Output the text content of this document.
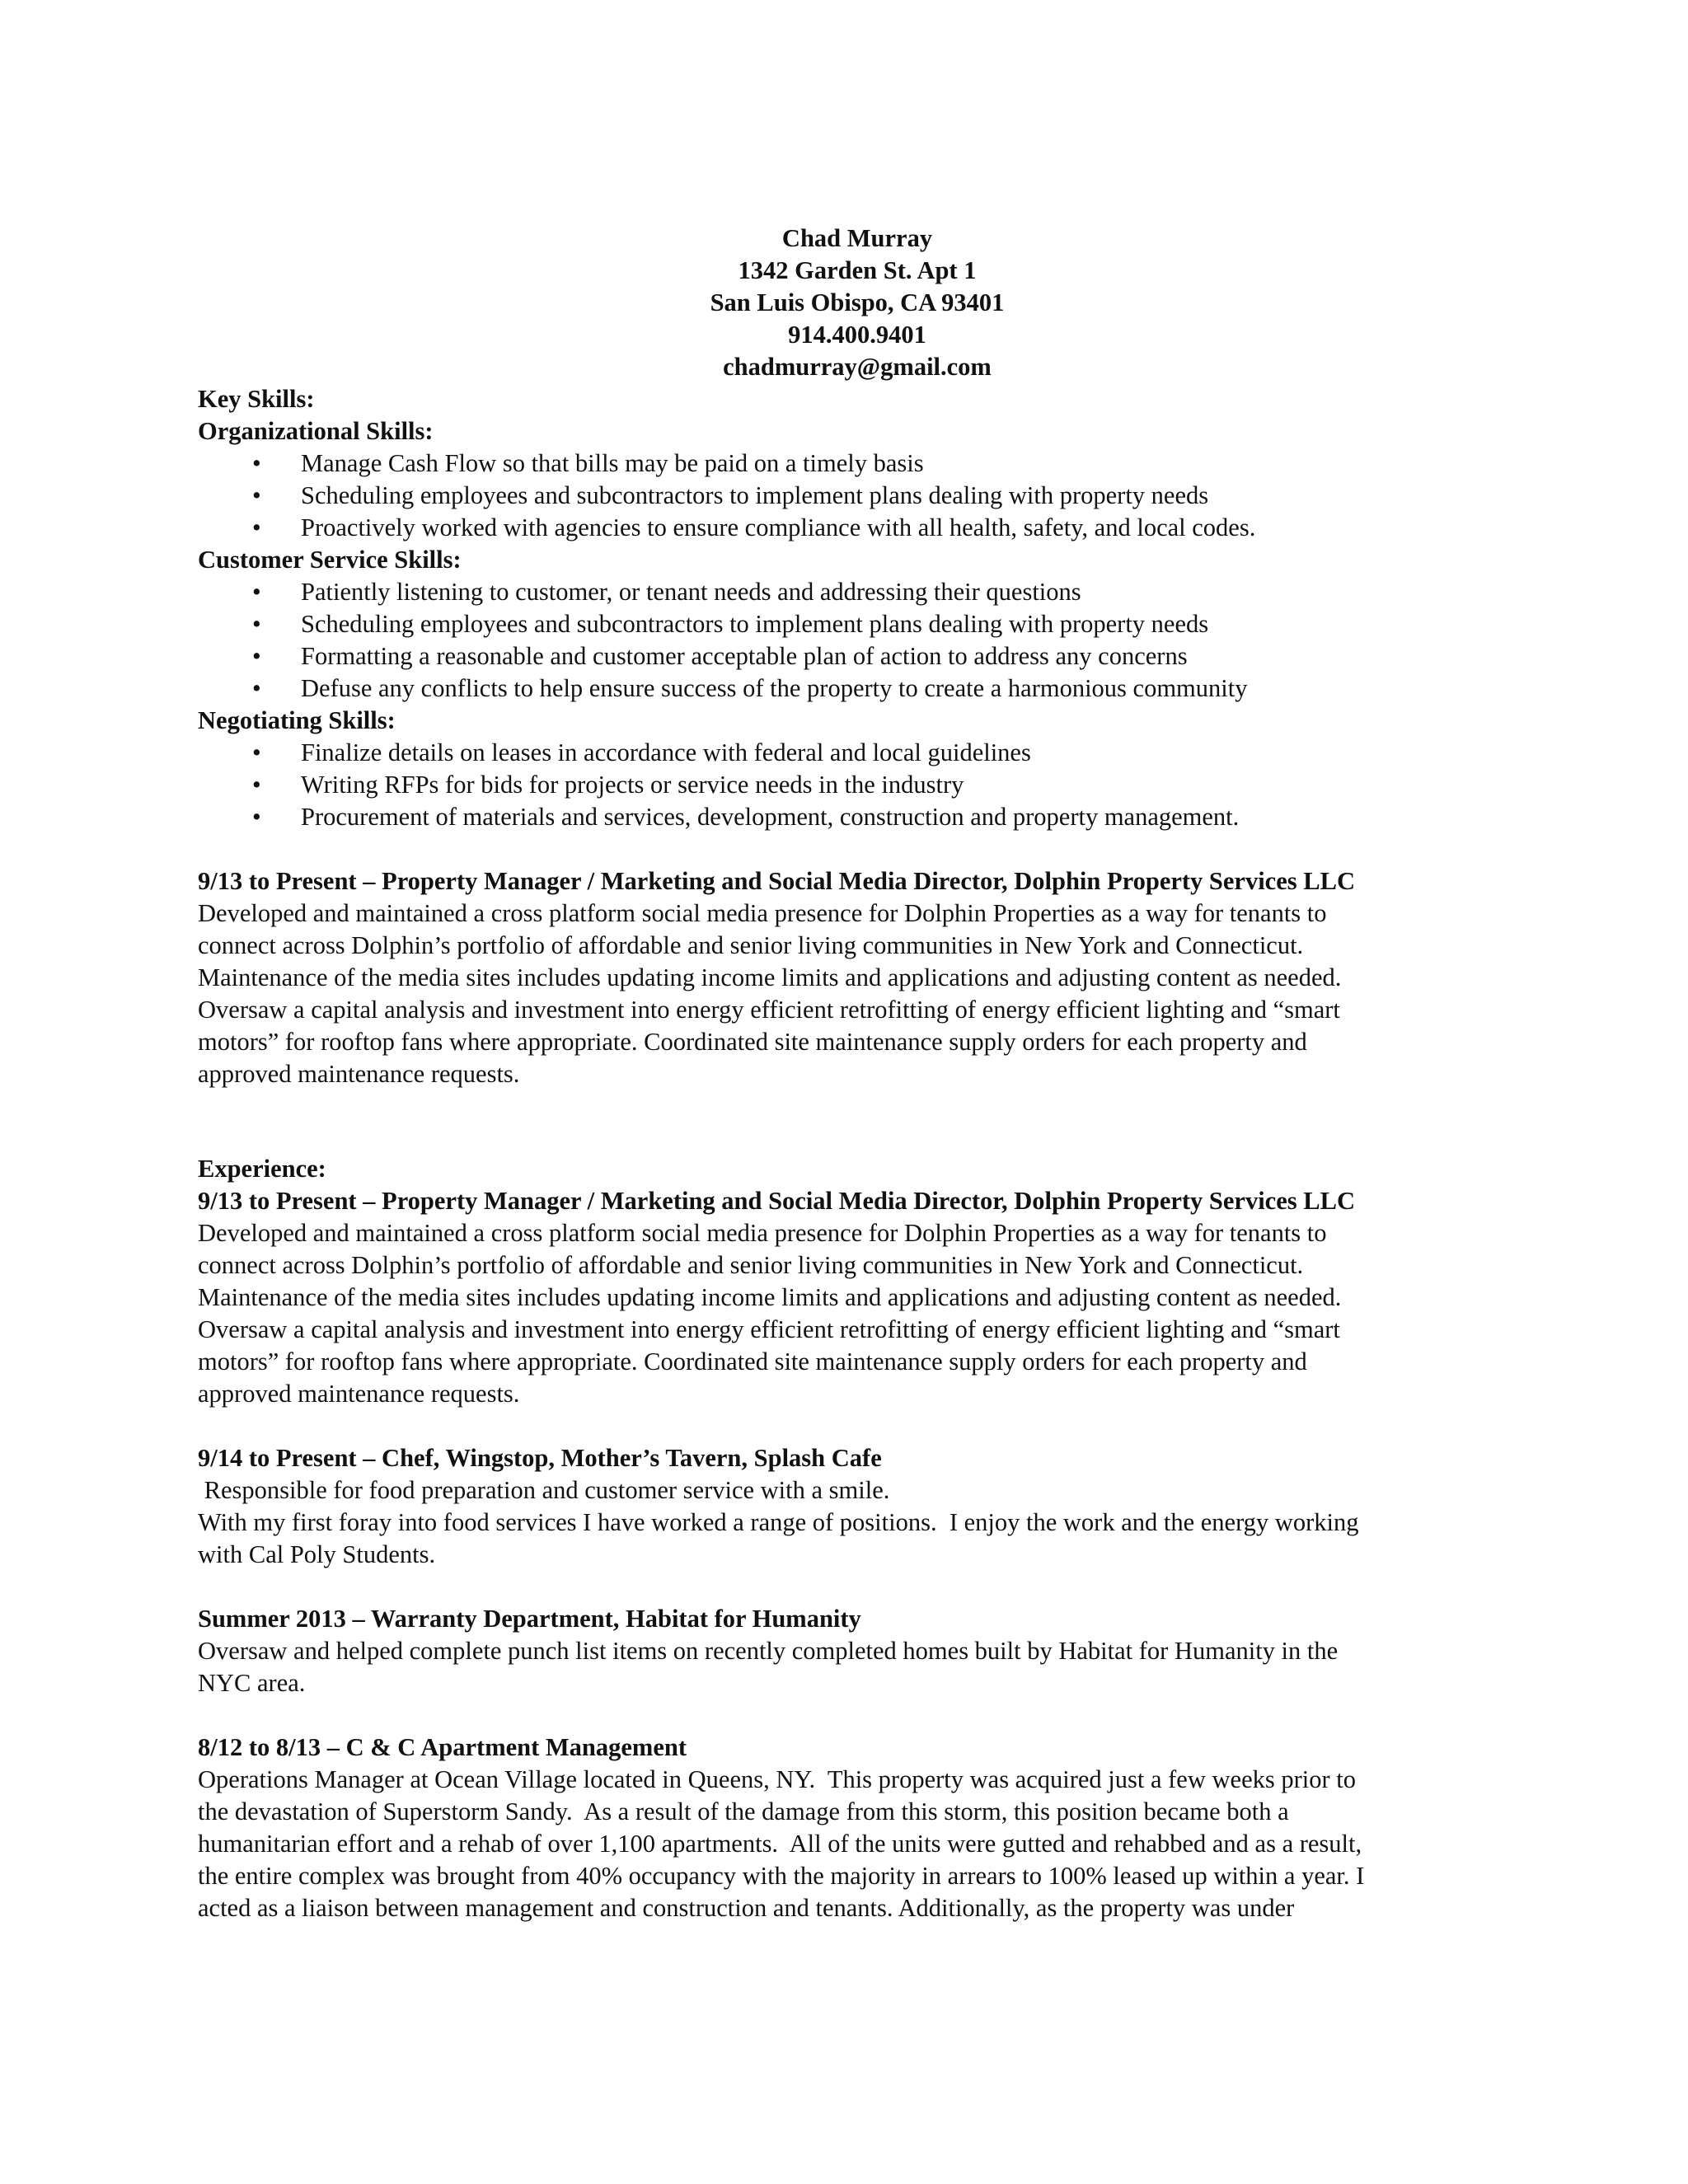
Chad Murray
1342 Garden St. Apt 1
San Luis Obispo, CA 93401
914.400.9401
chadmurray@gmail.com
Key Skills:
Organizational Skills:
• Manage Cash Flow so that bills may be paid on a timely basis
• Scheduling employees and subcontractors to implement plans dealing with property needs
• Proactively worked with agencies to ensure compliance with all health, safety, and local codes.
Customer Service Skills:
• Patiently listening to customer, or tenant needs and addressing their questions
• Scheduling employees and subcontractors to implement plans dealing with property needs
• Formatting a reasonable and customer acceptable plan of action to address any concerns
• Defuse any conflicts to help ensure success of the property to create a harmonious community
Negotiating Skills:
• Finalize details on leases in accordance with federal and local guidelines
• Writing RFPs for bids for projects or service needs in the industry
• Procurement of materials and services, development, construction and property management.
9/13 to Present – Property Manager / Marketing and Social Media Director, Dolphin Property Services LLC

Developed and maintained a cross platform social media presence for Dolphin Properties as a way for tenants to

connect across Dolphin’s portfolio of affordable and senior living communities in New York and Connecticut.

Maintenance of the media sites includes updating income limits and applications and adjusting content as needed.

Oversaw a capital analysis and investment into energy efficient retrofitting of energy efficient lighting and “smart

motors” for rooftop fans where appropriate. Coordinated site maintenance supply orders for each property and

approved maintenance requests.

Experience:
9/13 to Present – Property Manager / Marketing and Social Media Director, Dolphin Property Services LLC

Developed and maintained a cross platform social media presence for Dolphin Properties as a way for tenants to

connect across Dolphin’s portfolio of affordable and senior living communities in New York and Connecticut.

Maintenance of the media sites includes updating income limits and applications and adjusting content as needed.

Oversaw a capital analysis and investment into energy efficient retrofitting of energy efficient lighting and “smart

motors” for rooftop fans where appropriate. Coordinated site maintenance supply orders for each property and

approved maintenance requests.

9/14 to Present – Chef, Wingstop, Mother’s Tavern, Splash Cafe

Responsible for food preparation and customer service with a smile.

With my first foray into food services I have worked a range of positions.  I enjoy the work and the energy working

with Cal Poly Students.

Summer 2013 – Warranty Department, Habitat for Humanity

Oversaw and helped complete punch list items on recently completed homes built by Habitat for Humanity in the

NYC area.

8/12 to 8/13 – C & C Apartment Management

Operations Manager at Ocean Village located in Queens, NY.  This property was acquired just a few weeks prior to

the devastation of Superstorm Sandy.  As a result of the damage from this storm, this position became both a

humanitarian effort and a rehab of over 1,100 apartments.  All of the units were gutted and rehabbed and as a result,

the entire complex was brought from 40% occupancy with the majority in arrears to 100% leased up within a year. I

acted as a liaison between management and construction and tenants. Additionally, as the property was under
